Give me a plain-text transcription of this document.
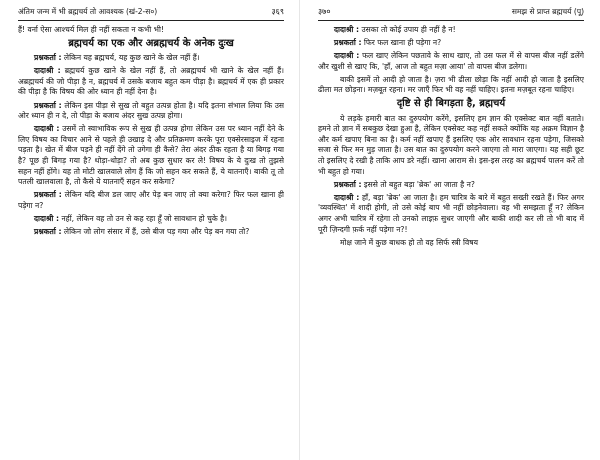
अंतिम जन्म में भी ब्रह्मचर्य तो आवश्यक (खं-2-स०)	३६९

हैं! वर्ना ऐसा आश्चर्य मिल ही नहीं सकता न कभी भी!

ब्रह्मचर्य का एक और अब्रह्मचर्य के अनेक दुःख

प्रश्नकर्ता : लेकिन यह ब्रह्मचर्य, यह कुछ खाने के खेल नहीं हैं।

दादाश्री : ब्रह्मचर्य कुछ खाने के खेल नहीं हैं, तो अब्रह्मचर्य भी खाने के खेल नहीं हैं। अब्रह्मचर्य की जो पीड़ा है न, ब्रह्मचर्य में उसके बजाय बहुत कम पीड़ा है। ब्रह्मचर्य में एक ही प्रकार की पीड़ा है कि विषय की ओर ध्यान ही नहीं देना है।

प्रश्नकर्ता : लेकिन इस पीड़ा से सुख तो बहुत उत्पन्न होता है। यदि इतना संभाल लिया कि उस ओर ध्यान ही न दे, तो पीड़ा के बजाय अंदर सुख उत्पन्न होगा।

दादाश्री : उसमें तो स्वाभाविक रूप से सुख ही उत्पन्न होगा लेकिन उस पर ध्यान नहीं देने के लिए विषय का विचार आने से पहले ही उखाड़ दे और प्रतिक्रमण करके पूरा एक्सेरसाइज में रहना पड़ता है। खेत में बीज पड़ने ही नहीं देंगे तो उगेगा ही कैसे? तेरा अंदर ठीक रहता है या बिगड़ गया है? पूछ ही बिगड़ गया है? थोड़ा-थोड़ा? तो अब कुछ सुधार कर ले! विषय के ये दुःख तो तुझसे सहन नहीं होंगे। यह तो मोटी खालवाले लोग हैं कि जो सहन कर सकते हैं, ये यातनाएँ। बाकी तू तो पतली खालवाला है, तो कैसे ये यातनाएँ सहन कर सकेगा?

प्रश्नकर्ता : लेकिन यदि बीज डल जाए और पेड़ बन जाए तो क्या करेगा? फिर फल खाना ही पड़ेगा न?

दादाश्री : नहीं, लेकिन वह तो उन से कह रहा हूँ जो सावधान हो चुके है।

प्रश्नकर्ता : लेकिन जो लोग संसार में हैं, उसे बीज पड़ गया और पेड़ बन गया तो?

३७०	समझ से प्राप्त ब्रह्मचर्य (पू)

दादाश्री : उसका तो कोई उपाय ही नहीं है न!

प्रश्नकर्ता : फिर फल खाना ही पड़ेगा न?

दादाश्री : फल खाए लेकिन पछतावे के साथ खाए, तो उस फल में से वापस बीज नहीं डलेंगे और खुशी से खाए कि, 'हाँ, आज तो बहुत मज़ा आया' तो वापस बीज डलेगा।

बाकी इसमें तो आदी हो जाता है। ज़रा भी ढीला छोड़ा कि नहीं आदी हो जाता है इसलिए ढीला मत छोड़ना। मज़बूत रहना। मर जाएँ फिर भी वह नहीं चाहिए। इतना मज़बूत रहना चाहिए।

दृष्टि से ही बिगड़ता है, ब्रह्मचर्य

ये लड़के हमारी बात का दुरुपयोग करेंगे, इसलिए हम ज्ञान की एक्सेक्ट बात नहीं बताते। हमने तो ज्ञान में सबकुछ देखा हुआ है, लेकिन एक्सेक्ट कह नहीं सकते क्योंकि यह अक्रम विज्ञान है और कर्म खपाए बिना का है। कर्म नहीं खपाए हैं इसलिए एक ओर सावधान रहना पड़ेगा, जिसको सजा से फिर मन मुड़ जाता है। उस बात का दुरुपयोग करने जाएगा तो मारा जाएगा। यह सही छूट तो इसलिए दे रखी है ताकि आप डरे नहीं। खाना आराम से। इस-इस तरह का ब्रह्मचर्य पालन करें तो भी बहुत हो गया।

प्रश्नकर्ता : इससे तो बहुत बड़ा 'ब्रेक' आ जाता है न?

दादाश्री : हाँ, बड़ा 'ब्रेक' आ जाता है। हम चारित्र के बारे में बहुत सख्ती रखते हैं। फिर अगर 'व्यवस्थित' में शादी होगी, तो उसे कोई बाप भी नहीं छोड़नेवाला। वह भी समझता हूँ न? लेकिन अगर अभी चारित्र में रहेगा तो उनको लाइफ़ सुधर जाएगी और बाकी शादी कर ली तो भी बाद में पूरी ज़िन्दगी फ़र्क नहीं पड़ेगा न?!

मोक्ष जाने में कुछ बाधक हो तो वह सिर्फ स्त्री विषय
